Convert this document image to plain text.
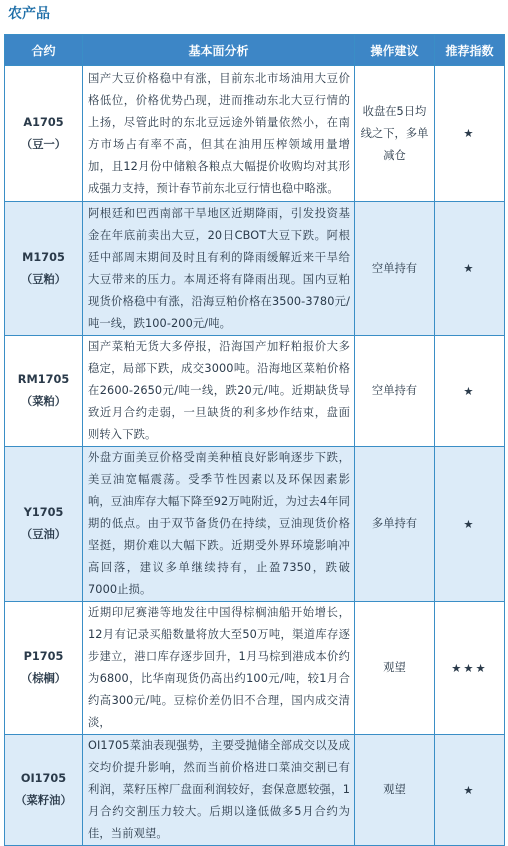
农产品
合约	基本面分析	操作建议	推荐指数

A1705
（豆一）	国产大豆价格稳中有涨，目前东北市场油用大豆价格低位，价格优势凸现，进而推动东北大豆行情的上扬，尽管此时的东北豆远途外销量依然小，在南方市场占有率不高，但其在油用压榨领域用量增加，且12月份中储粮各粮点大幅提价收购均对其形成强力支持，预计春节前东北豆行情也稳中略涨。	收盘在5日均线之下，多单减仓	★

M1705
（豆粕）	阿根廷和巴西南部干旱地区近期降雨，引发投资基金在年底前卖出大豆，20日CBOT大豆下跌。阿根廷中部周末期间及时且有利的降雨缓解近来干旱给大豆带来的压力。本周还将有降雨出现。国内豆粕现货价格稳中有涨，沿海豆粕价格在3500-3780元/吨一线，跌100-200元/吨。	空单持有	★

RM1705
（菜粕）	国产菜粕无货大多停报，沿海国产加籽粕报价大多稳定，局部下跌，成交3000吨。沿海地区菜粕价格在2600-2650元/吨一线，跌20元/吨。近期缺货导致近月合约走弱，一旦缺货的利多炒作结束，盘面则转入下跌。	空单持有	★

Y1705
（豆油）	外盘方面美豆价格受南美种植良好影响逐步下跌，美豆油宽幅震荡。受季节性因素以及环保因素影响，豆油库存大幅下降至92万吨附近，为过去4年同期的低点。由于双节备货仍在持续，豆油现货价格坚挺，期价难以大幅下跌。近期受外界环境影响冲高回落，建议多单继续持有，止盈7350，跌破7000止损。	多单持有	★

P1705
（棕榈）	近期印尼赛港等地发往中国得棕榈油船开始增长，12月有记录买船数量将放大至50万吨，渠道库存逐步建立，港口库存逐步回升，1月马棕到港成本价约为6800，比华南现货仍高出约100元/吨，较1月合约高300元/吨。豆棕价差仍旧不合理，国内成交清淡，	观望	★★★

OI1705
（菜籽油）	OI1705菜油表现强势，主要受抛储全部成交以及成交均价提升影响，然而当前价格进口菜油交割已有利润，菜籽压榨厂盘面利润较好，套保意愿较强，1月合约交割压力较大。后期以逢低做多5月合约为佳，当前观望。	观望	★
